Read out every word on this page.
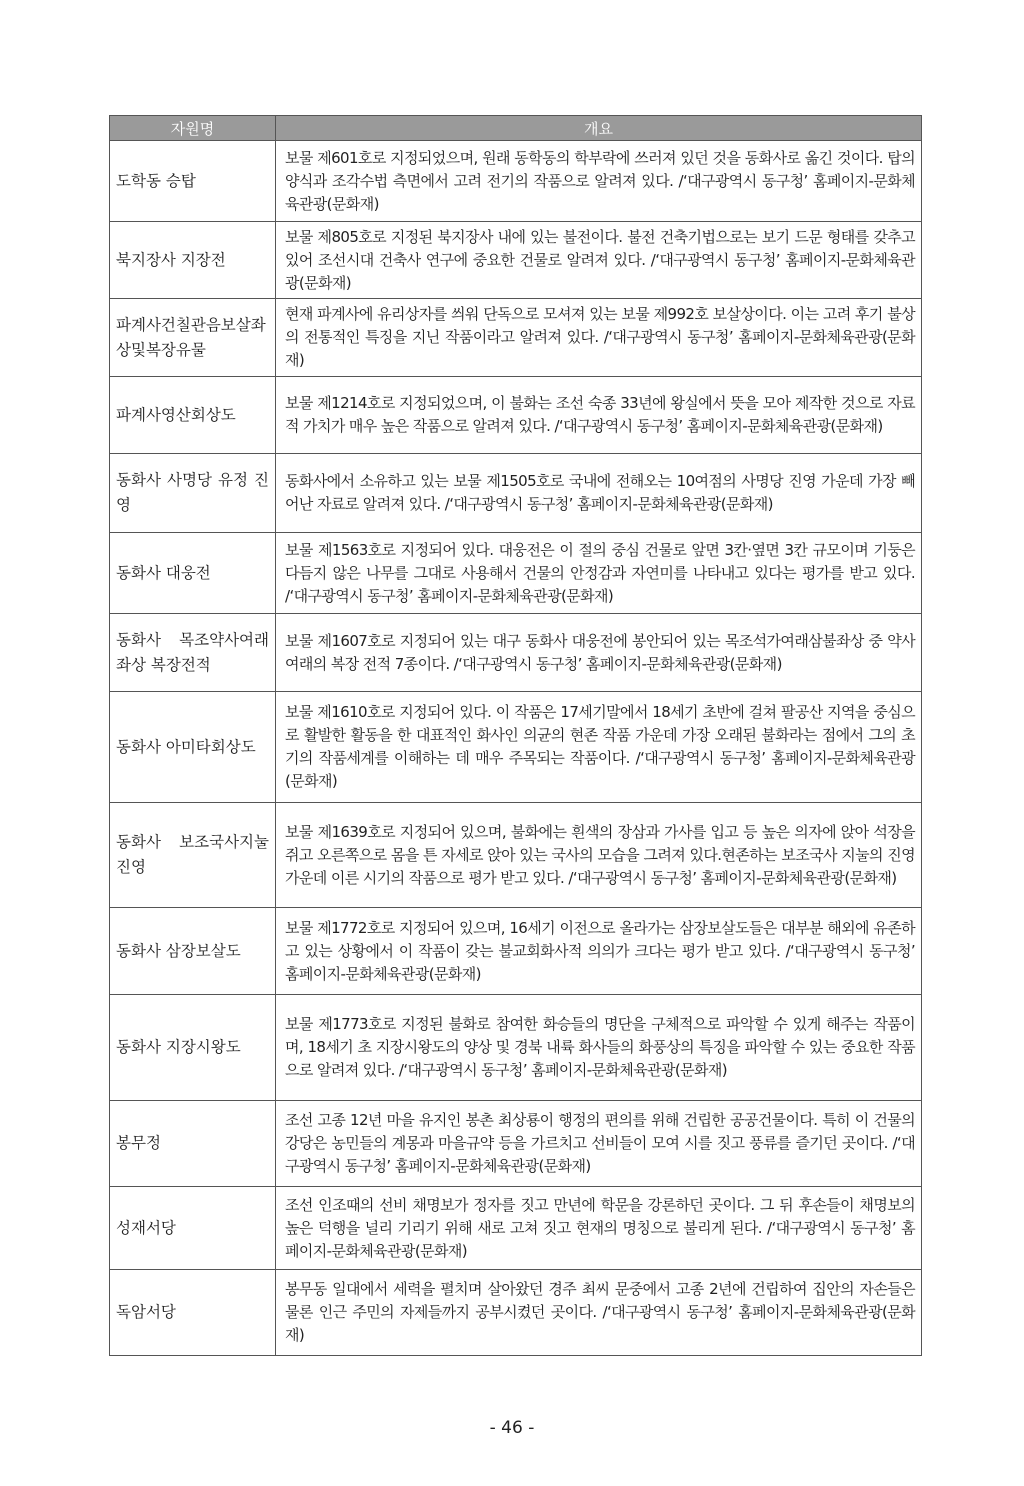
자원명	개요
도학동 승탑	보물 제601호로 지정되었으며, 원래 동학동의 학부락에 쓰러져 있던 것을 동화사로 옮긴 것이다. 탑의 양식과 조각수법 측면에서 고려 전기의 작품으로 알려져 있다. /‘대구광역시 동구청’ 홈페이지-문화체육관광(문화재)
북지장사 지장전	보물 제805호로 지정된 북지장사 내에 있는 불전이다. 불전 건축기법으로는 보기 드문 형태를 갖추고 있어 조선시대 건축사 연구에 중요한 건물로 알려져 있다. /‘대구광역시 동구청’ 홈페이지-문화체육관광(문화재)
파계사건칠관음보살좌상및복장유물	현재 파계사에 유리상자를 씌워 단독으로 모셔져 있는 보물 제992호 보살상이다. 이는 고려 후기 불상의 전통적인 특징을 지닌 작품이라고 알려져 있다. /‘대구광역시 동구청’ 홈페이지-문화체육관광(문화재)
파계사영산회상도	보물 제1214호로 지정되었으며, 이 불화는 조선 숙종 33년에 왕실에서 뜻을 모아 제작한 것으로 자료적 가치가 매우 높은 작품으로 알려져 있다. /‘대구광역시 동구청’ 홈페이지-문화체육관광(문화재)
동화사 사명당 유정 진영	동화사에서 소유하고 있는 보물 제1505호로 국내에 전해오는 10여점의 사명당 진영 가운데 가장 빼어난 자료로 알려져 있다. /‘대구광역시 동구청’ 홈페이지-문화체육관광(문화재)
동화사 대웅전	보물 제1563호로 지정되어 있다. 대웅전은 이 절의 중심 건물로 앞면 3칸·옆면 3칸 규모이며 기둥은 다듬지 않은 나무를 그대로 사용해서 건물의 안정감과 자연미를 나타내고 있다는 평가를 받고 있다. /‘대구광역시 동구청’ 홈페이지-문화체육관광(문화재)
동화사 목조약사여래좌상 복장전적	보물 제1607호로 지정되어 있는 대구 동화사 대웅전에 봉안되어 있는 목조석가여래삼불좌상 중 약사여래의 복장 전적 7종이다. /‘대구광역시 동구청’ 홈페이지-문화체육관광(문화재)
동화사 아미타회상도	보물 제1610호로 지정되어 있다. 이 작품은 17세기말에서 18세기 초반에 걸쳐 팔공산 지역을 중심으로 활발한 활동을 한 대표적인 화사인 의균의 현존 작품 가운데 가장 오래된 불화라는 점에서 그의 초기의 작품세계를 이해하는 데 매우 주목되는 작품이다. /‘대구광역시 동구청’ 홈페이지-문화체육관광(문화재)
동화사 보조국사지눌 진영	보물 제1639호로 지정되어 있으며, 불화에는 흰색의 장삼과 가사를 입고 등 높은 의자에 앉아 석장을 쥐고 오른쪽으로 몸을 튼 자세로 앉아 있는 국사의 모습을 그려져 있다.현존하는 보조국사 지눌의 진영 가운데 이른 시기의 작품으로 평가 받고 있다. /‘대구광역시 동구청’ 홈페이지-문화체육관광(문화재)
동화사 삼장보살도	보물 제1772호로 지정되어 있으며, 16세기 이전으로 올라가는 삼장보살도들은 대부분 해외에 유존하고 있는 상황에서 이 작품이 갖는 불교회화사적 의의가 크다는 평가 받고 있다. /‘대구광역시 동구청’ 홈페이지-문화체육관광(문화재)
동화사 지장시왕도	보물 제1773호로 지정된 불화로 참여한 화승들의 명단을 구체적으로 파악할 수 있게 해주는 작품이며, 18세기 초 지장시왕도의 양상 및 경북 내륙 화사들의 화풍상의 특징을 파악할 수 있는 중요한 작품으로 알려져 있다. /‘대구광역시 동구청’ 홈페이지-문화체육관광(문화재)
봉무정	조선 고종 12년 마을 유지인 봉촌 최상룡이 행정의 편의를 위해 건립한 공공건물이다. 특히 이 건물의 강당은 농민들의 계몽과 마을규약 등을 가르치고 선비들이 모여 시를 짓고 풍류를 즐기던 곳이다. /‘대구광역시 동구청’ 홈페이지-문화체육관광(문화재)
성재서당	조선 인조때의 선비 채명보가 정자를 짓고 만년에 학문을 강론하던 곳이다. 그 뒤 후손들이 채명보의 높은 덕행을 널리 기리기 위해 새로 고쳐 짓고 현재의 명칭으로 불리게 된다. /‘대구광역시 동구청’ 홈페이지-문화체육관광(문화재)
독암서당	봉무동 일대에서 세력을 펼치며 살아왔던 경주 최씨 문중에서 고종 2년에 건립하여 집안의 자손들은 물론 인근 주민의 자제들까지 공부시켰던 곳이다. /‘대구광역시 동구청’ 홈페이지-문화체육관광(문화재)
- 46 -
